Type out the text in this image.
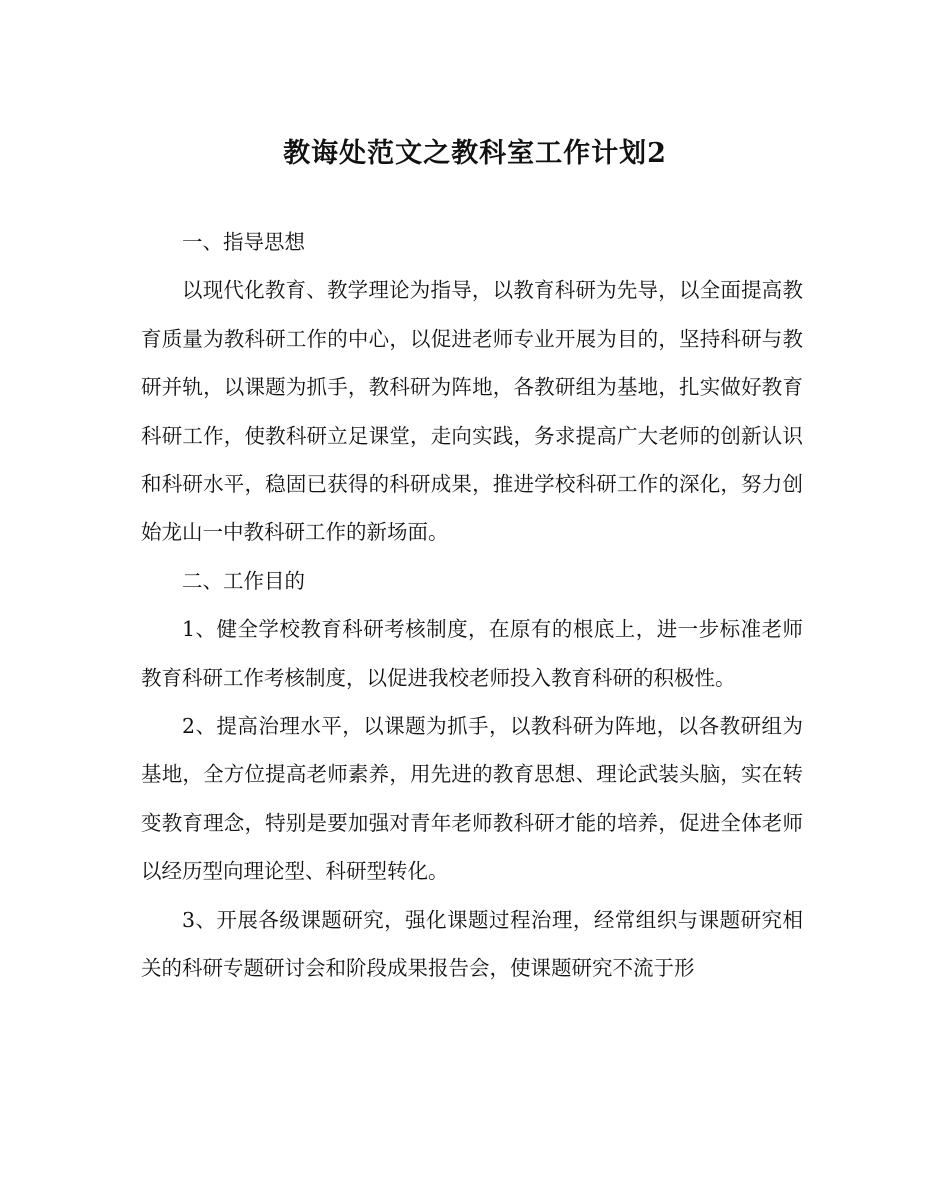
教诲处范文之教科室工作计划2

一、指导思想

以现代化教育、教学理论为指导，以教育科研为先导，以全面提高教育质量为教科研工作的中心，以促进老师专业开展为目的，坚持科研与教研并轨，以课题为抓手，教科研为阵地，各教研组为基地，扎实做好教育科研工作，使教科研立足课堂，走向实践，务求提高广大老师的创新认识和科研水平，稳固已获得的科研成果，推进学校科研工作的深化，努力创始龙山一中教科研工作的新场面。

二、工作目的

1、健全学校教育科研考核制度，在原有的根底上，进一步标准老师教育科研工作考核制度，以促进我校老师投入教育科研的积极性。

2、提高治理水平，以课题为抓手，以教科研为阵地，以各教研组为基地，全方位提高老师素养，用先进的教育思想、理论武装头脑，实在转变教育理念，特别是要加强对青年老师教科研才能的培养，促进全体老师以经历型向理论型、科研型转化。

3、开展各级课题研究，强化课题过程治理，经常组织与课题研究相关的科研专题研讨会和阶段成果报告会，使课题研究不流于形
